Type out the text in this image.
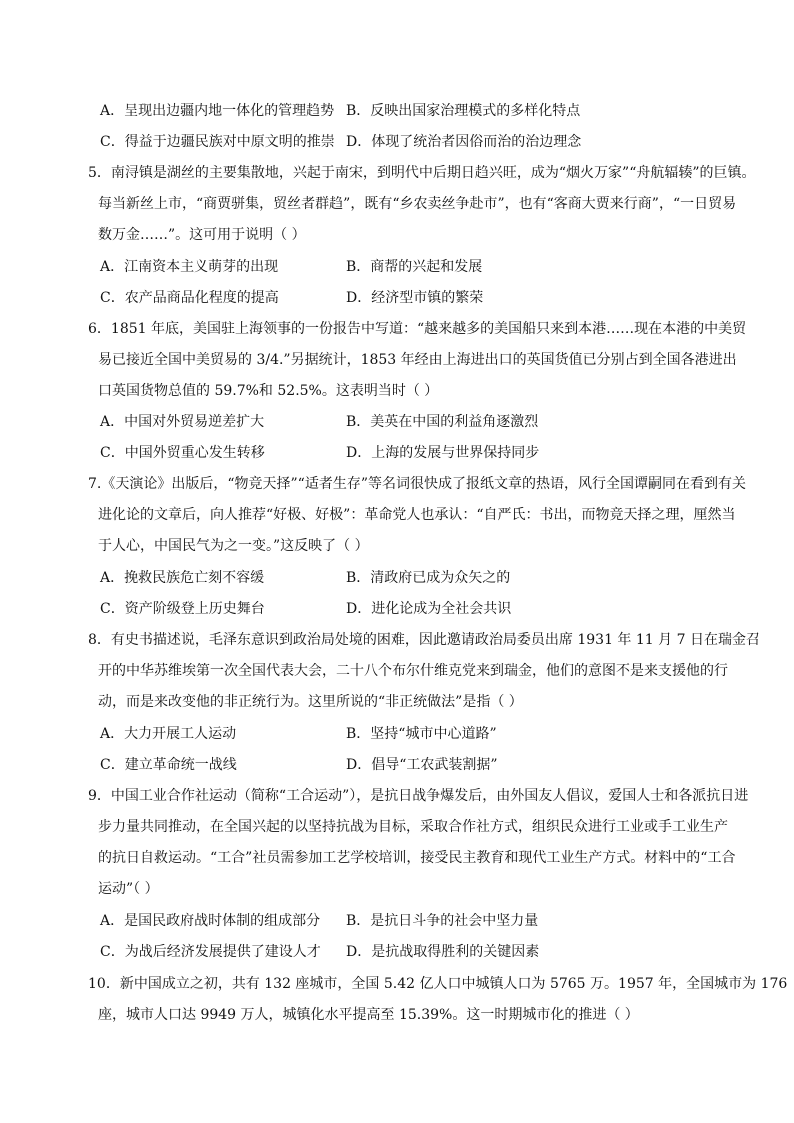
A．呈现出边疆内地一体化的管理趋势 B．反映出国家治理模式的多样化特点
C．得益于边疆民族对中原文明的推崇 D．体现了统治者因俗而治的治边理念
5．南浔镇是湖丝的主要集散地，兴起于南宋，到明代中后期日趋兴旺，成为“烟火万家”“舟航辐辏”的巨镇。
每当新丝上市，“商贾骈集，贸丝者群趋”，既有“乡农卖丝争赴市”，也有“客商大贾来行商”，“一日贸易
数万金……”。这可用于说明（ ）
A．江南资本主义萌芽的出现	B．商帮的兴起和发展
C．农产品商品化程度的提高	D．经济型市镇的繁荣
6．1851 年底，美国驻上海领事的一份报告中写道：“越来越多的美国船只来到本港……现在本港的中美贸
易已接近全国中美贸易的 3/4.”另据统计，1853 年经由上海进出口的英国货值已分别占到全国各港进出
口英国货物总值的 59.7%和 52.5%。这表明当时（ ）
A．中国对外贸易逆差扩大	B．美英在中国的利益角逐激烈
C．中国外贸重心发生转移	D．上海的发展与世界保持同步
7.《天演论》出版后，“物竞天择”“适者生存”等名词很快成了报纸文章的热语，风行全国谭嗣同在看到有关
进化论的文章后，向人推荐“好极、好极”：革命党人也承认：“自严氏：书出，而物竞天择之理，厘然当
于人心，中国民气为之一变。”这反映了（ ）
A．挽救民族危亡刻不容缓	B．清政府已成为众矢之的
C．资产阶级登上历史舞台	D．进化论成为全社会共识
8．有史书描述说，毛泽东意识到政治局处境的困难，因此邀请政治局委员出席 1931 年 11 月 7 日在瑞金召
开的中华苏维埃第一次全国代表大会，二十八个布尔什维克党来到瑞金，他们的意图不是来支援他的行
动，而是来改变他的非正统行为。这里所说的“非正统做法”是指（ ）
A．大力开展工人运动	B．坚持“城市中心道路”
C．建立革命统一战线	D．倡导“工农武装割据”
9．中国工业合作社运动（简称“工合运动”），是抗日战争爆发后，由外国友人倡议，爱国人士和各派抗日进
步力量共同推动，在全国兴起的以坚持抗战为目标，采取合作社方式，组织民众进行工业或手工业生产
的抗日自救运动。“工合”社员需参加工艺学校培训，接受民主教育和现代工业生产方式。材料中的“工合
运动”（ ）
A．是国民政府战时体制的组成部分 B．是抗日斗争的社会中坚力量
C．为战后经济发展提供了建设人才 D．是抗战取得胜利的关键因素
10．新中国成立之初，共有 132 座城市，全国 5.42 亿人口中城镇人口为 5765 万。1957 年，全国城市为 176
座，城市人口达 9949 万人，城镇化水平提高至 15.39%。这一时期城市化的推进（ ）
